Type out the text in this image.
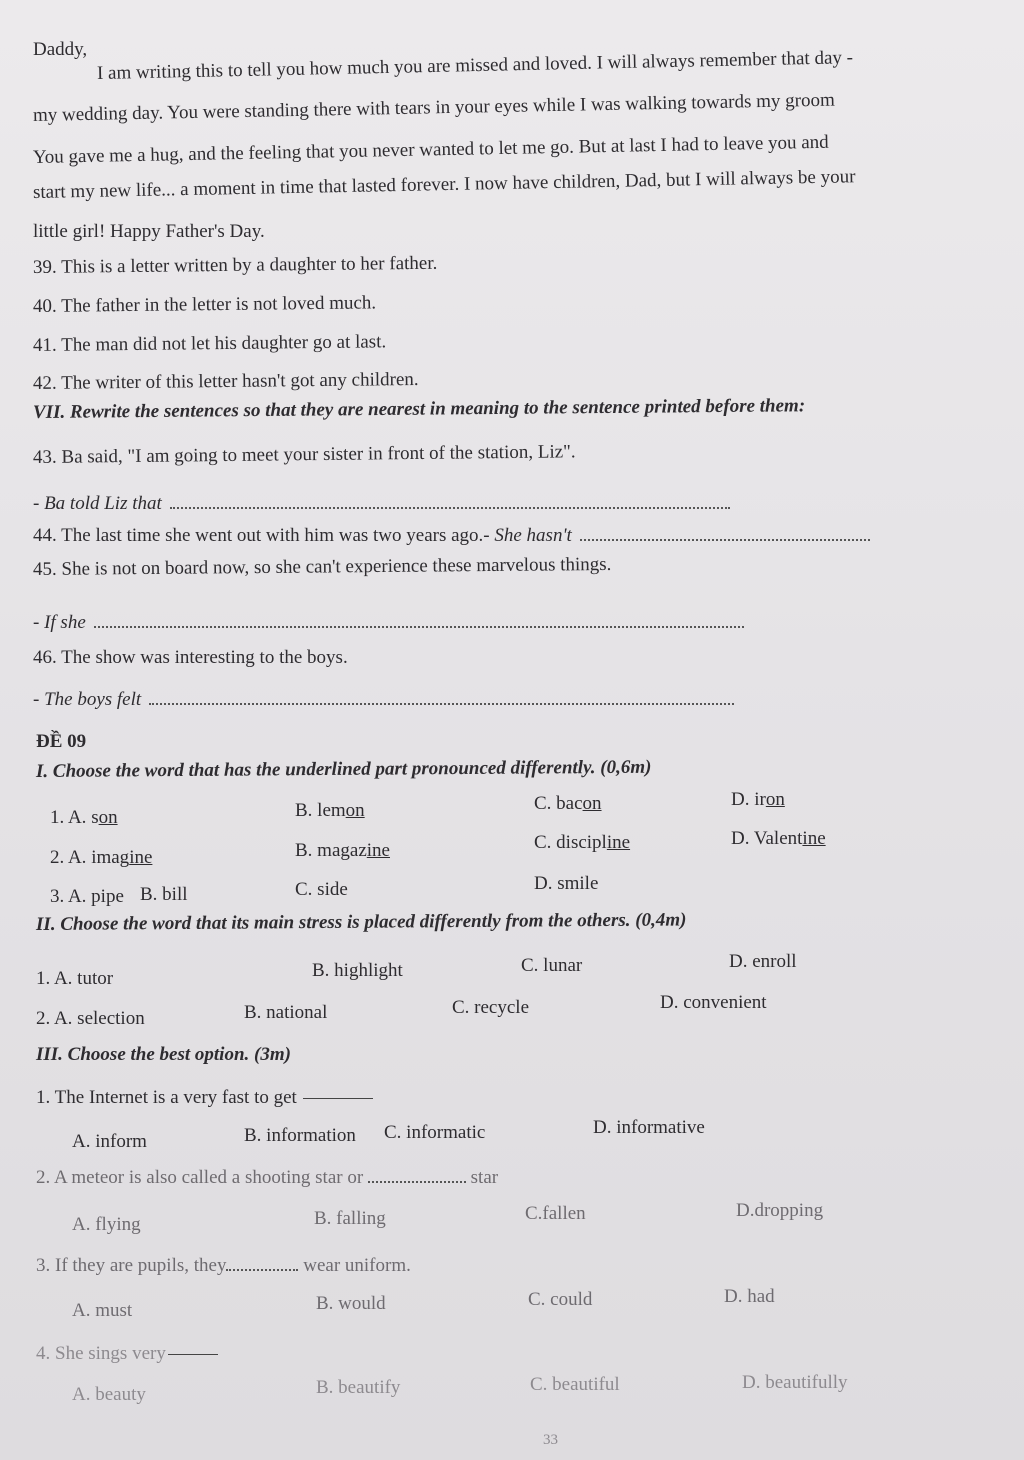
Daddy, I am writing this to tell you how much you are missed and loved. I will always remember that day -
my wedding day. You were standing there with tears in your eyes while I was walking towards my groom
You gave me a hug, and the feeling that you never wanted to let me go. But at last I had to leave you and
start my new life... a moment in time that lasted forever. I now have children, Dad, but I will always be your
little girl! Happy Father's Day.
39. This is a letter written by a daughter to her father.
40. The father in the letter is not loved much.
41. The man did not let his daughter go at last.
42. The writer of this letter hasn't got any children.
VII. Rewrite the sentences so that they are nearest in meaning to the sentence printed before them:
43. Ba said, "I am going to meet your sister in front of the station, Liz".
- Ba told Liz that
44. The last time she went out with him was two years ago.- She hasn't
45. She is not on board now, so she can't experience these marvelous things.
- If she
46. The show was interesting to the boys.
- The boys felt
ĐỀ 09
I. Choose the word that has the underlined part pronounced differently. (0,6m)
1. A. son	B. lemon	C. bacon	D. iron
2. A. imagine	B. magazine	C. discipline	D. Valentine
3. A. pipe B. bill	C. side	D. smile
II. Choose the word that its main stress is placed differently from the others. (0,4m)
1. A. tutor	B. highlight	C. lunar	D. enroll
2. A. selection	B. national	C. recycle	D. convenient
III. Choose the best option. (3m)
1. The Internet is a very fast to get
A. inform	B. information C. informatic	D. informative
2. A meteor is also called a shooting star or	star
A. flying	B. falling	C.fallen	D.dropping
3. If they are pupils, they	wear uniform.
A. must	B. would	C. could	D. had
4. She sings very
A. beauty	B. beautify	C. beautiful	D. beautifully
33
